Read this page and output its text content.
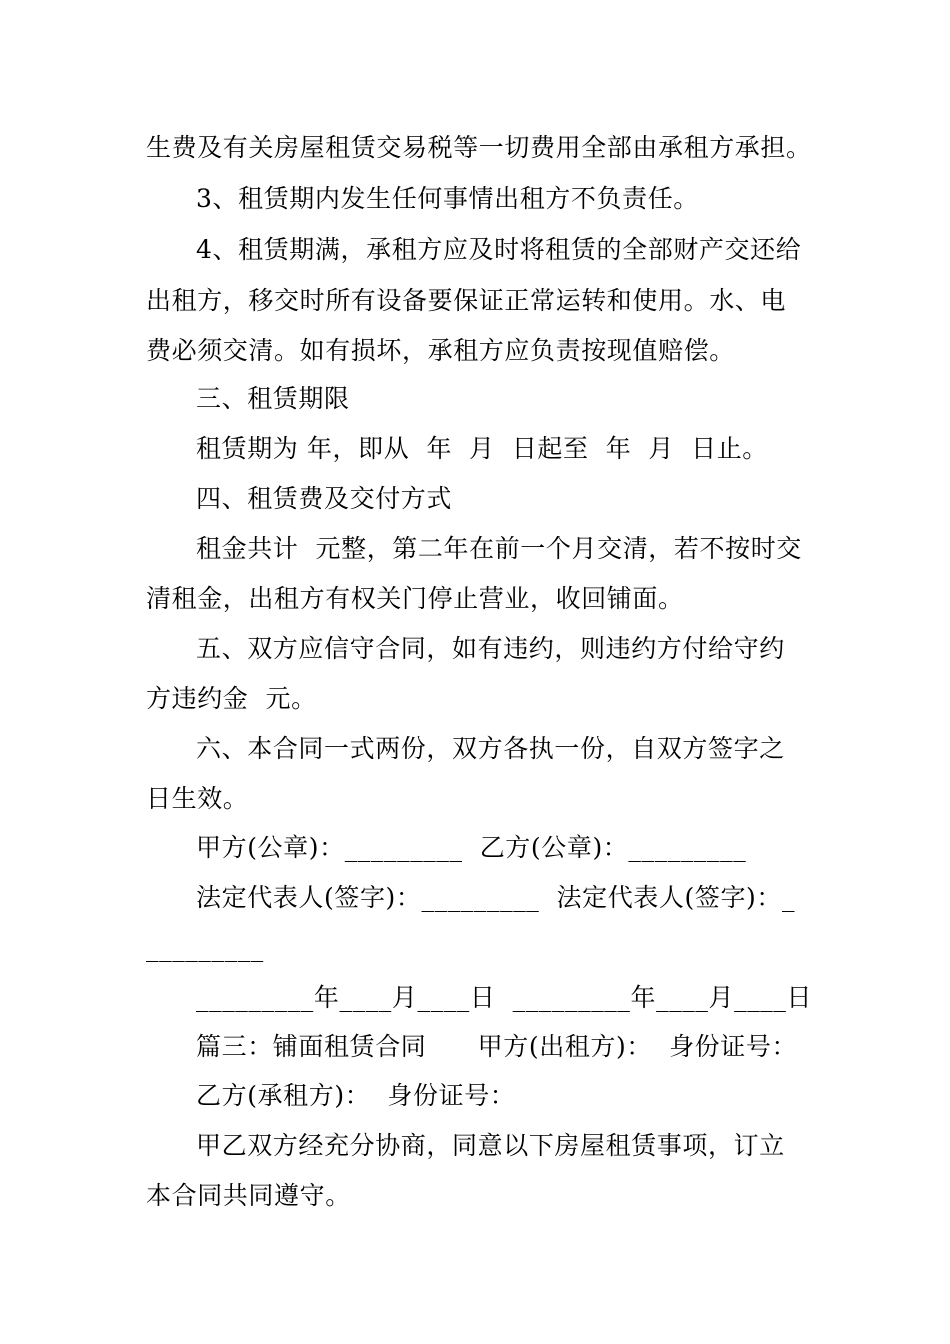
生费及有关房屋租赁交易税等一切费用全部由承租方承担。
3、租赁期内发生任何事情出租方不负责任。
4、租赁期满，承租方应及时将租赁的全部财产交还给
出租方，移交时所有设备要保证正常运转和使用。水、电
费必须交清。如有损坏，承租方应负责按现值赔偿。
三、租赁期限
租赁期为 年，即从  年  月  日起至  年  月  日止。
四、租赁费及交付方式
租金共计  元整，第二年在前一个月交清，若不按时交
清租金，出租方有权关门停止营业，收回铺面。
五、双方应信守合同，如有违约，则违约方付给守约
方违约金  元。
六、本合同一式两份，双方各执一份，自双方签字之
日生效。
甲方(公章)：_________  乙方(公章)：_________
法定代表人(签字)：_________  法定代表人(签字)：_
_________
_________年____月____日  _________年____月____日
篇三：铺面租赁合同      甲方(出租方)：  身份证号：
乙方(承租方)：  身份证号：
甲乙双方经充分协商，同意以下房屋租赁事项，订立
本合同共同遵守。
